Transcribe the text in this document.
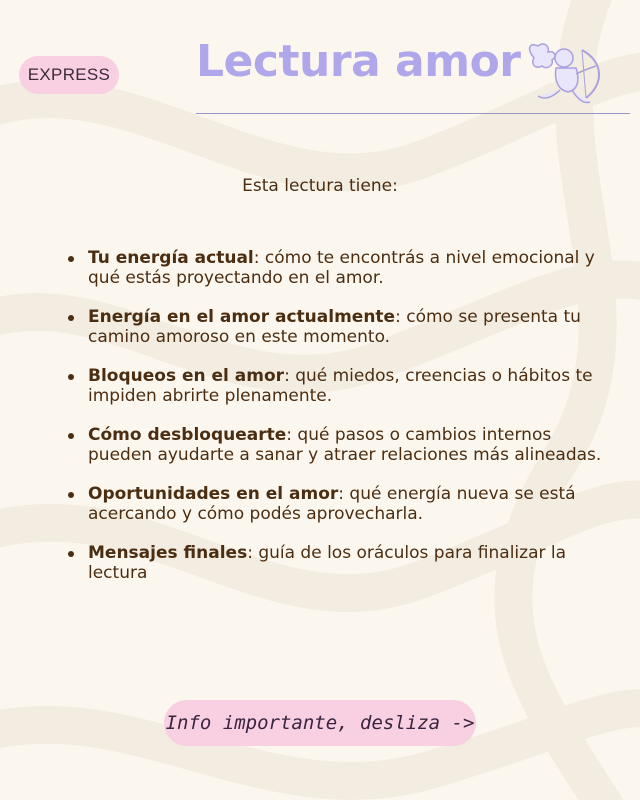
EXPRESS Lectura amor
Esta lectura tiene:
Tu energía actual: cómo te encontrás a nivel emocional y qué estás proyectando en el amor.
Energía en el amor actualmente: cómo se presenta tu camino amoroso en este momento.
Bloqueos en el amor: qué miedos, creencias o hábitos te impiden abrirte plenamente.
Cómo desbloquearte: qué pasos o cambios internos pueden ayudarte a sanar y atraer relaciones más alineadas.
Oportunidades en el amor: qué energía nueva se está acercando y cómo podés aprovecharla.
Mensajes finales: guía de los oráculos para finalizar la lectura
Info importante, desliza ->
